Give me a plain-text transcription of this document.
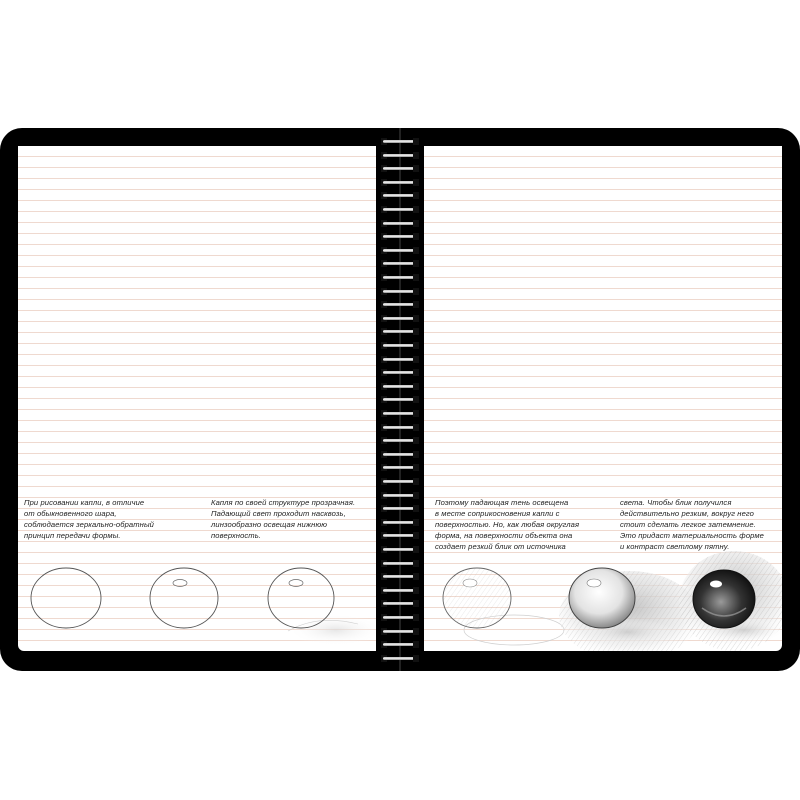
При рисовании капли, в отличие
от обыкновенного шара,
соблюдается зеркально-обратный
принцип передачи формы.
Капля по своей структуре прозрачная.
Падающий свет проходит насквозь,
линзообразно освещая нижнюю
поверхность.
Поэтому падающая тень освещена
в месте соприкосновения капли с
поверхностью. Но, как любая округлая
форма, на поверхности объекта она
создает резкий блик от источника
света. Чтобы блик получился
действительно резким, вокруг него
стоит сделать легкое затемнение.
Это придаст материальность форме
и контраст светлому пятну.
